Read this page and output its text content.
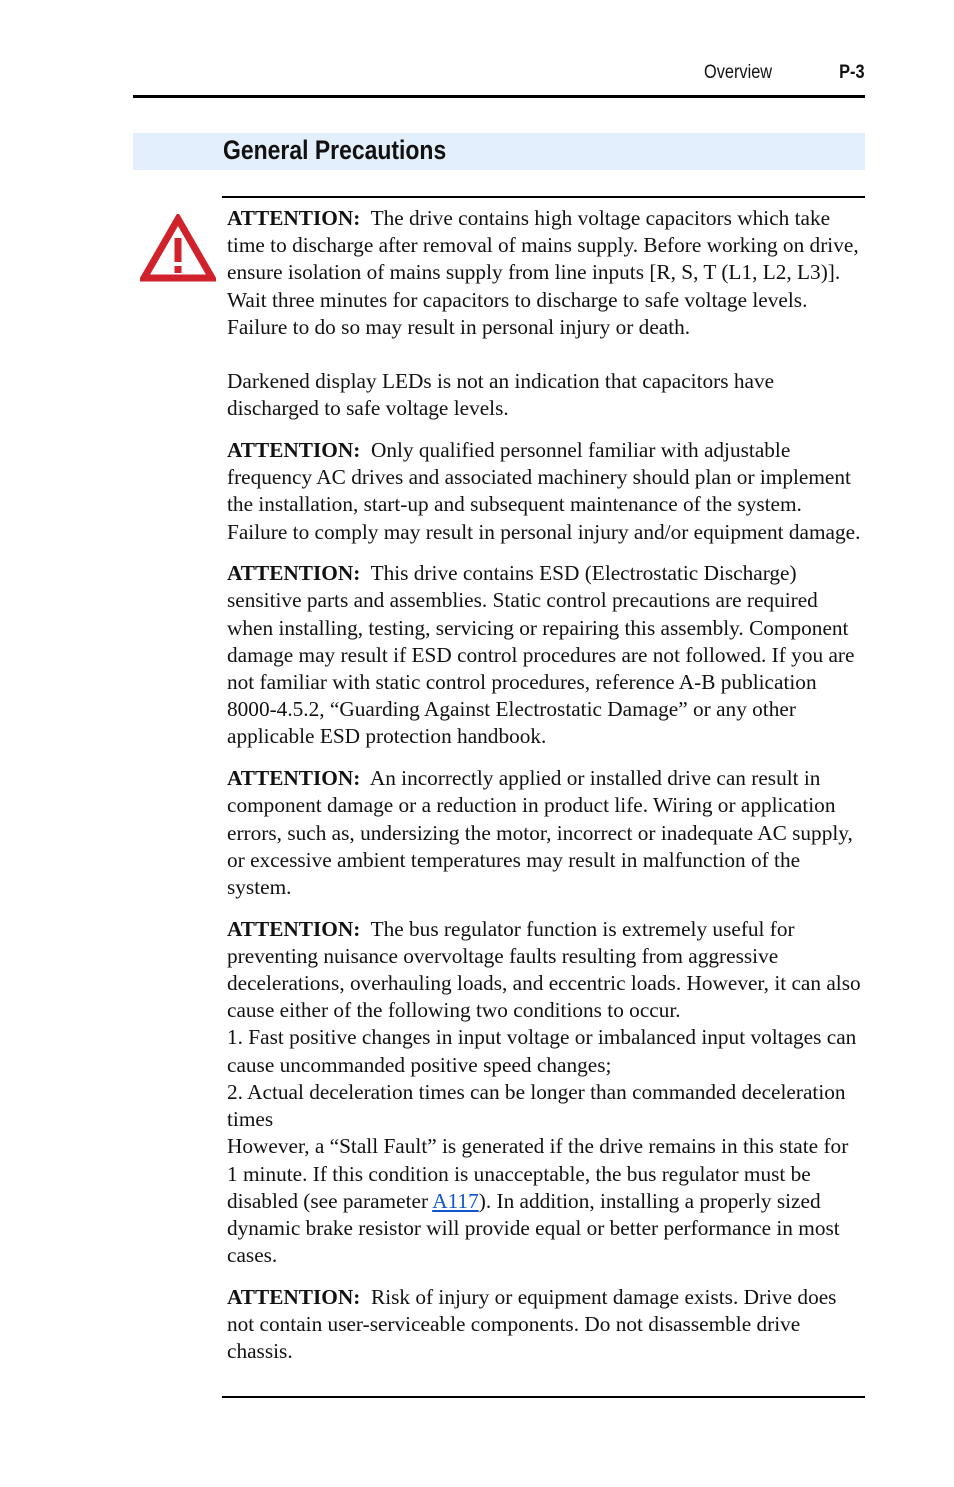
Overview	P-3
General Precautions

ATTENTION: The drive contains high voltage capacitors which take time to discharge after removal of mains supply. Before working on drive, ensure isolation of mains supply from line inputs [R, S, T (L1, L2, L3)]. Wait three minutes for capacitors to discharge to safe voltage levels. Failure to do so may result in personal injury or death.

Darkened display LEDs is not an indication that capacitors have discharged to safe voltage levels.

ATTENTION: Only qualified personnel familiar with adjustable frequency AC drives and associated machinery should plan or implement the installation, start-up and subsequent maintenance of the system. Failure to comply may result in personal injury and/or equipment damage.

ATTENTION: This drive contains ESD (Electrostatic Discharge) sensitive parts and assemblies. Static control precautions are required when installing, testing, servicing or repairing this assembly. Component damage may result if ESD control procedures are not followed. If you are not familiar with static control procedures, reference A-B publication 8000-4.5.2, “Guarding Against Electrostatic Damage” or any other applicable ESD protection handbook.

ATTENTION: An incorrectly applied or installed drive can result in component damage or a reduction in product life. Wiring or application errors, such as, undersizing the motor, incorrect or inadequate AC supply, or excessive ambient temperatures may result in malfunction of the system.

ATTENTION: The bus regulator function is extremely useful for preventing nuisance overvoltage faults resulting from aggressive decelerations, overhauling loads, and eccentric loads. However, it can also cause either of the following two conditions to occur.

1. Fast positive changes in input voltage or imbalanced input voltages can cause uncommanded positive speed changes;

2. Actual deceleration times can be longer than commanded deceleration times

However, a “Stall Fault” is generated if the drive remains in this state for 1 minute. If this condition is unacceptable, the bus regulator must be disabled (see parameter A117). In addition, installing a properly sized dynamic brake resistor will provide equal or better performance in most cases.

ATTENTION: Risk of injury or equipment damage exists. Drive does not contain user-serviceable components. Do not disassemble drive chassis.
